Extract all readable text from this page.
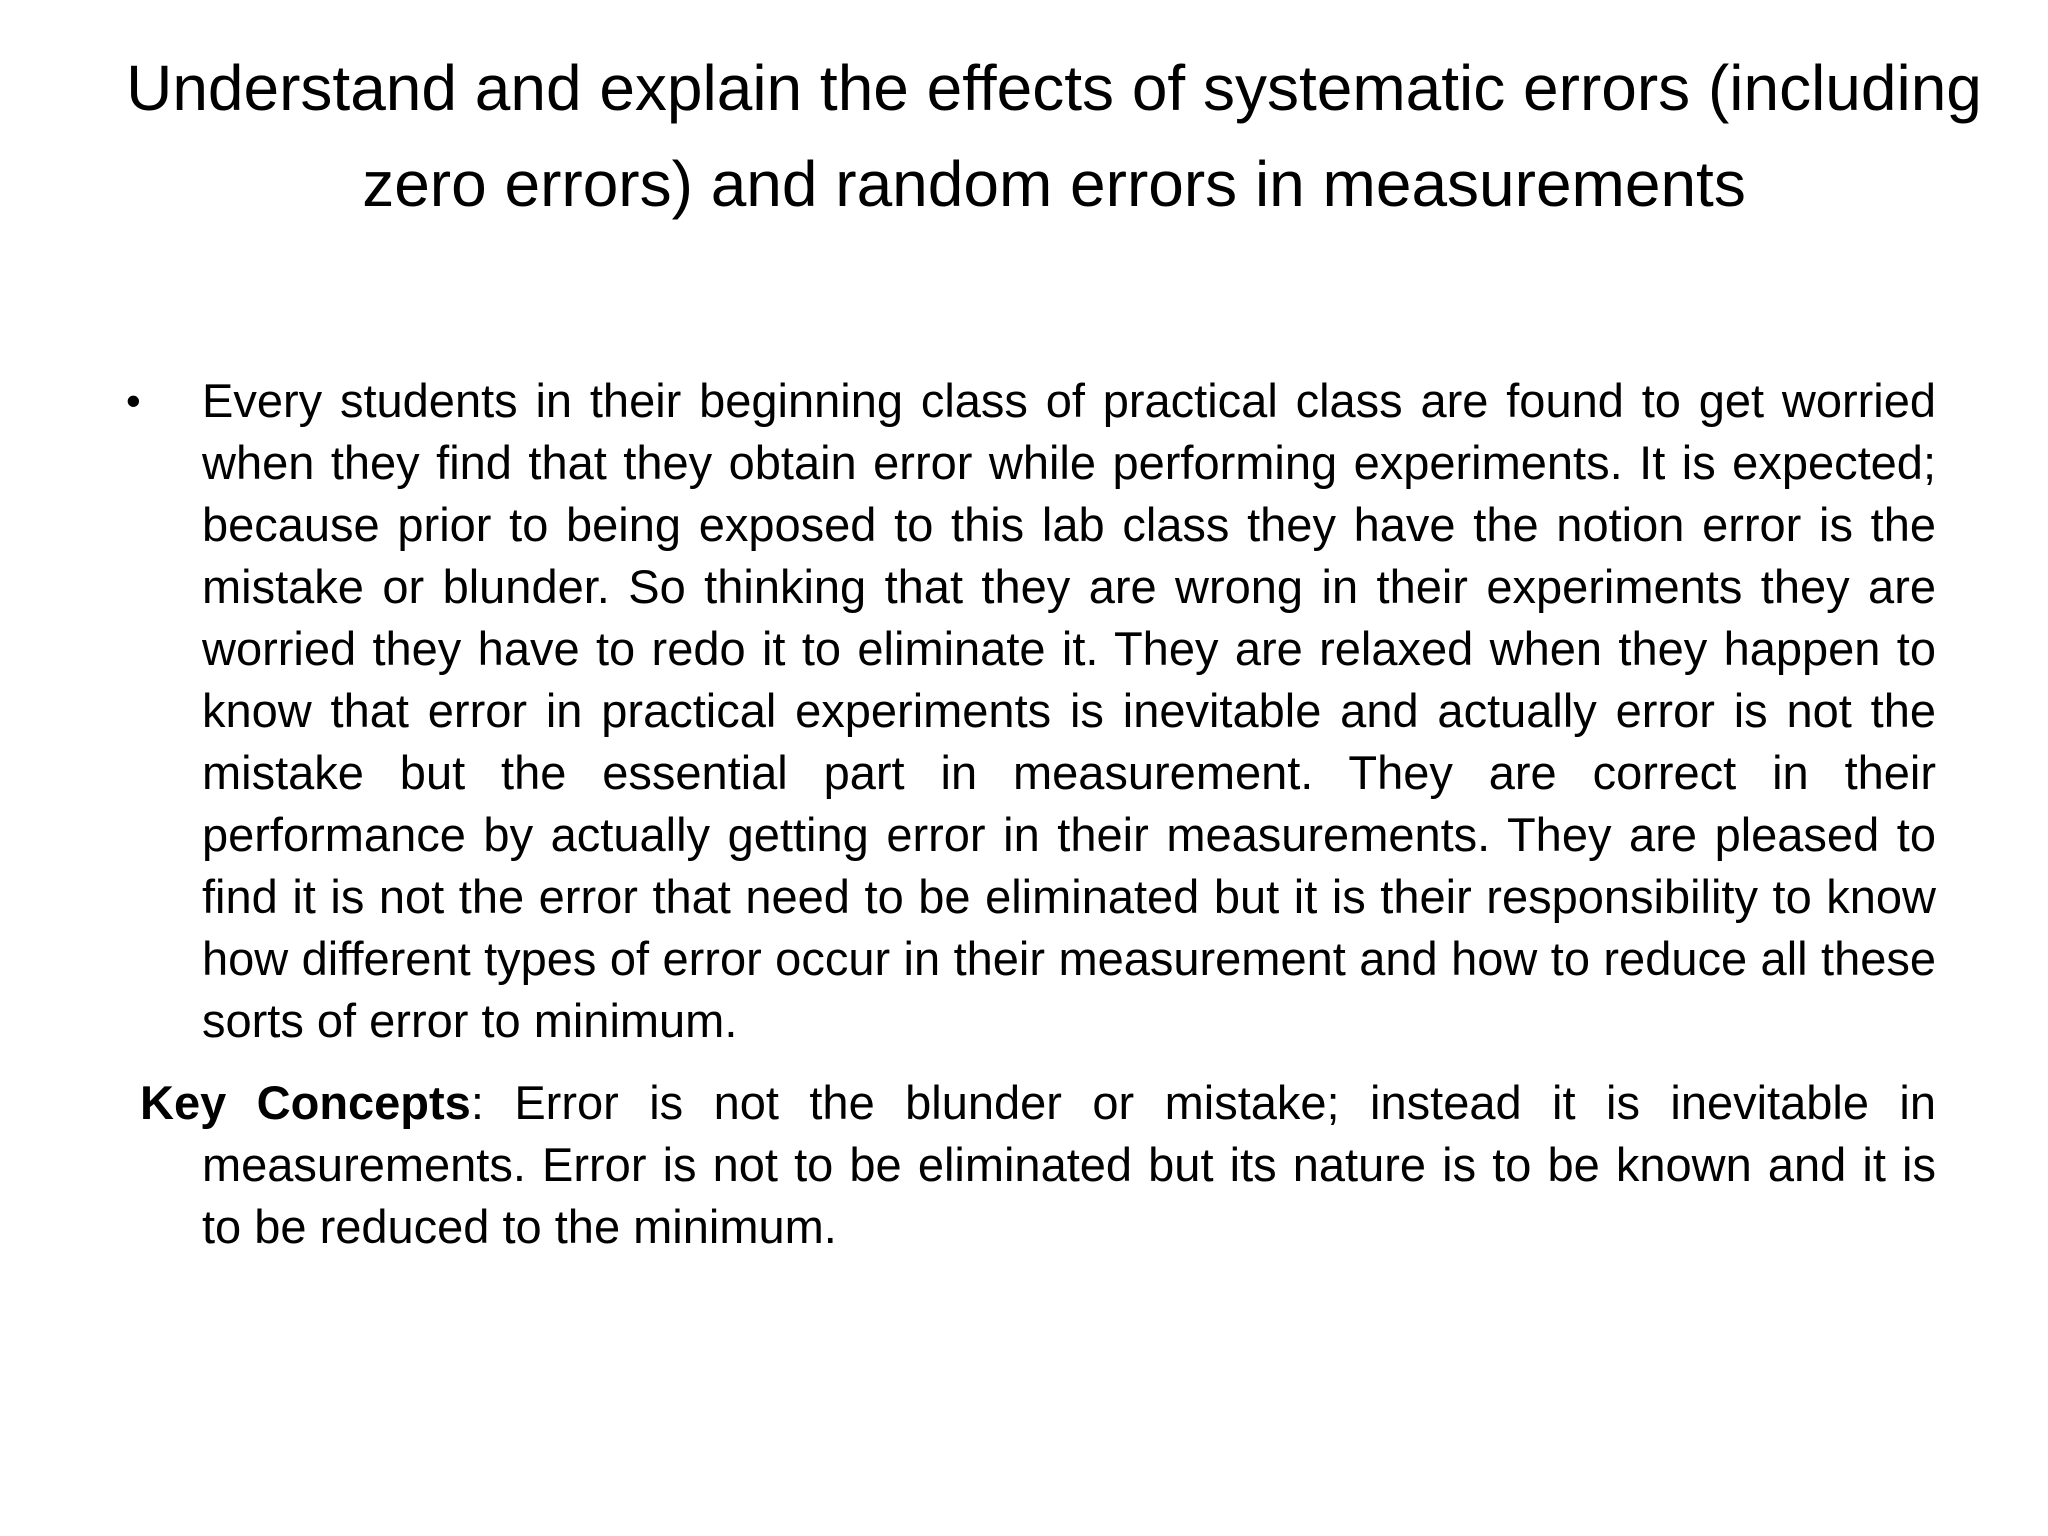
Understand and explain the effects of systematic errors (including zero errors) and random errors in measurements
• Every students in their beginning class of practical class are found to get worried when they find that they obtain error while performing experiments. It is expected; because prior to being exposed to this lab class they have the notion error is the mistake or blunder. So thinking that they are wrong in their experiments they are worried they have to redo it to eliminate it. They are relaxed when they happen to know that error in practical experiments is inevitable and actually error is not the mistake but the essential part in measurement. They are correct in their performance by actually getting error in their measurements. They are pleased to find it is not the error that need to be eliminated but it is their responsibility to know how different types of error occur in their measurement and how to reduce all these sorts of error to minimum.

Key Concepts: Error is not the blunder or mistake; instead it is inevitable in measurements. Error is not to be eliminated but its nature is to be known and it is to be reduced to the minimum.
